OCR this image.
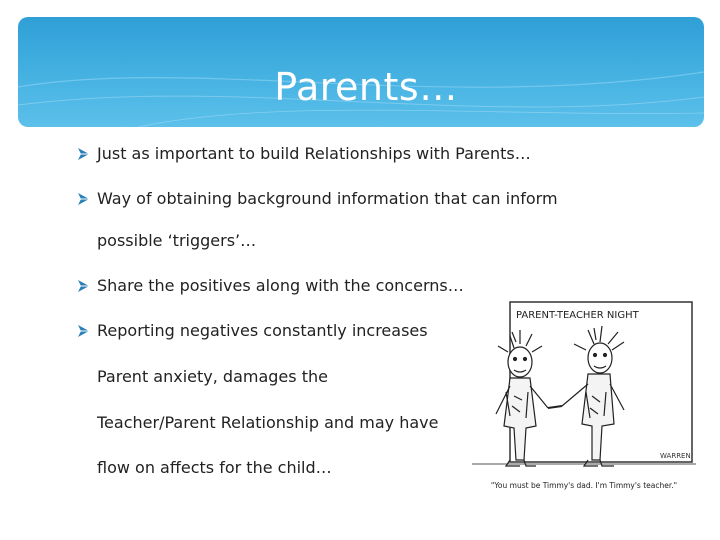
Parents…
Just as important to build Relationships with Parents…
Way of obtaining background information that can inform
possible ‘triggers’…
Share the positives along with the concerns…
Reporting negatives constantly increases
Parent anxiety, damages the
Teacher/Parent Relationship and may have
flow on affects for the child…
PARENT-TEACHER NIGHT
WARREN
"You must be Timmy's dad. I'm Timmy's teacher."
